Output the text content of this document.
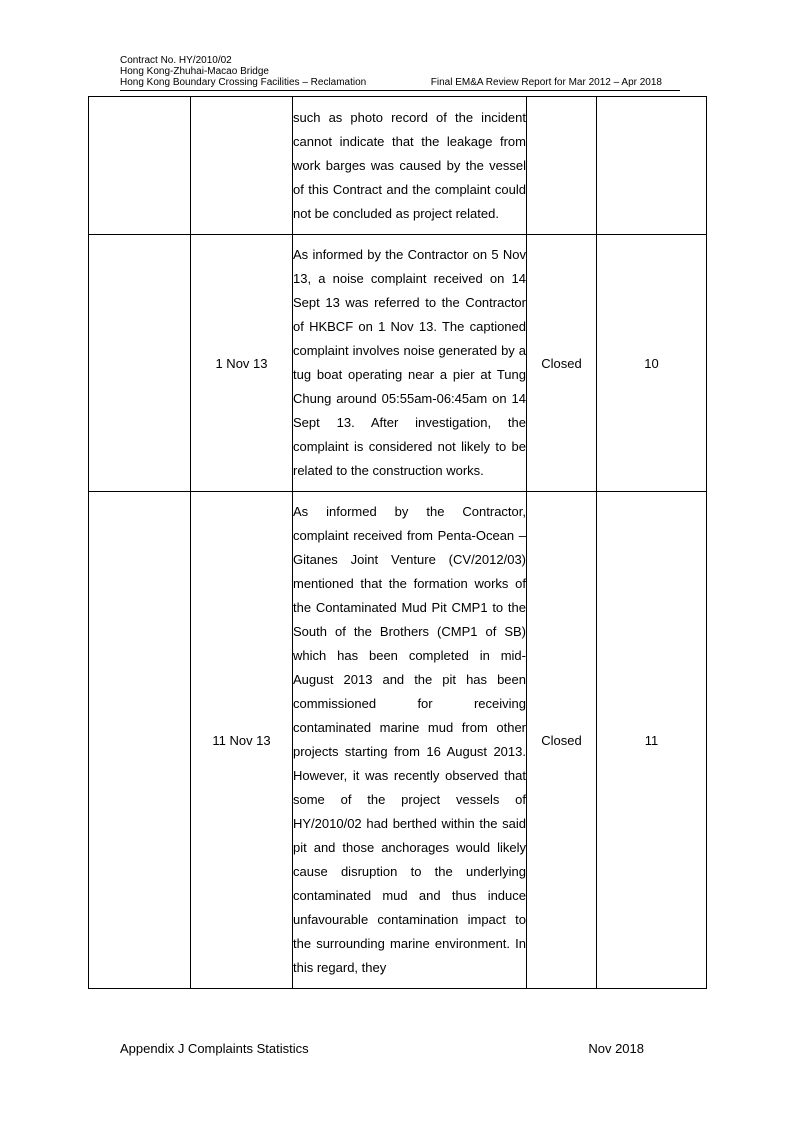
Contract No. HY/2010/02
Hong Kong-Zhuhai-Macao Bridge
Hong Kong Boundary Crossing Facilities – Reclamation	Final EM&A Review Report for Mar 2012 – Apr 2018

		such as photo record of the incident cannot indicate that the leakage from work barges was caused by the vessel of this Contract and the complaint could not be concluded as project related.		

	1 Nov 13	As informed by the Contractor on 5 Nov 13, a noise complaint received on 14 Sept 13 was referred to the Contractor of HKBCF on 1 Nov 13. The captioned complaint involves noise generated by a tug boat operating near a pier at Tung Chung around 05:55am-06:45am on 14 Sept 13. After investigation, the complaint is considered not likely to be related to the construction works.	Closed	10
	11 Nov 13	As informed by the Contractor, complaint received from Penta-Ocean – Gitanes Joint Venture (CV/2012/03) mentioned that the formation works of the Contaminated Mud Pit CMP1 to the South of the Brothers (CMP1 of SB) which has been completed in mid-August 2013 and the pit has been commissioned for receiving contaminated marine mud from other projects starting from 16 August 2013. However, it was recently observed that some of the project vessels of HY/2010/02 had berthed within the said pit and those anchorages would likely cause disruption to the underlying contaminated mud and thus induce unfavourable contamination impact to the surrounding marine environment. In this regard, they	Closed	11
Appendix J Complaints Statistics	Nov 2018
